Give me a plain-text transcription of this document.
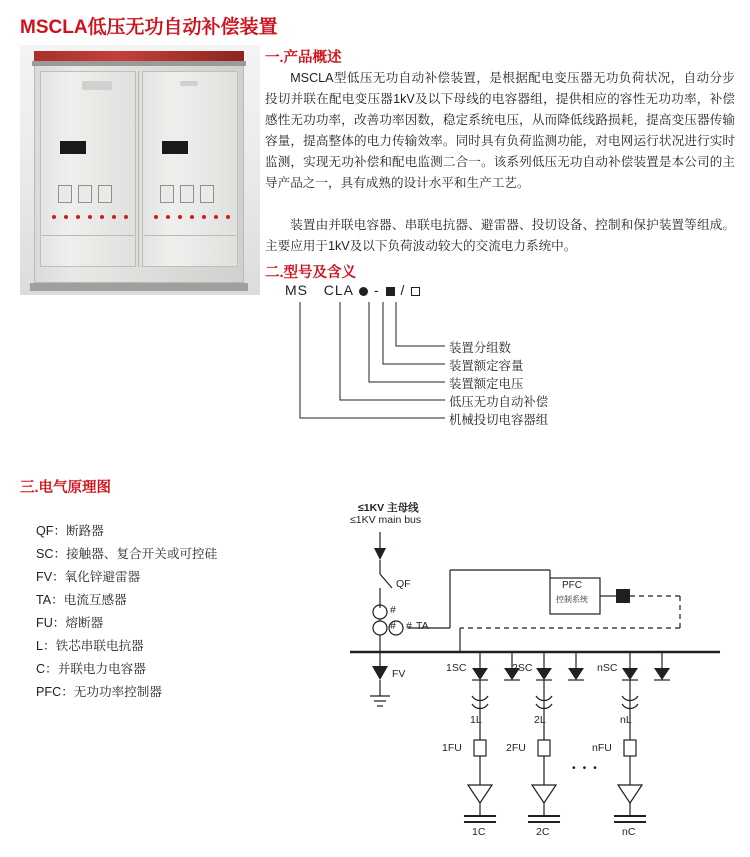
MSCLA低压无功自动补偿装置
一.产品概述
MSCLA型低压无功自动补偿装置，是根据配电变压器无功负荷状况，自动分步投切并联在配电变压器1kV及以下母线的电容器组，提供相应的容性无功功率，补偿感性无功功率，改善功率因数，稳定系统电压，从而降低线路损耗，提高变压器传输容量，提高整体的电力传输效率。同时具有负荷监测功能，对电网运行状况进行实时监测，实现无功补偿和配电监测二合一。该系列低压无功自动补偿装置是本公司的主导产品之一，具有成熟的设计水平和生产工艺。
装置由并联电容器、串联电抗器、避雷器、投切设备、控制和保护装置等组成。主要应用于1kV及以下负荷波动较大的交流电力系统中。
二.型号及含义
MS CLA - /
装置分组数
装置额定容量
装置额定电压
低压无功自动补偿
机械投切电容器组
三.电气原理图
QF：断路器
SC：接触器、复合开关或可控硅
FV：氧化锌避雷器
TA：电流互感器
FU：熔断器
L：铁芯串联电抗器
C：并联电力电容器
PFC：无功功率控制器
≤1KV 主母线
≤1KV main bus
QF
#
# # TA
FV
PFC
控制系统
1SC	2SC	nSC
1L	2L	nL
1FU	2FU	nFU
• • •
1C	2C	nC
